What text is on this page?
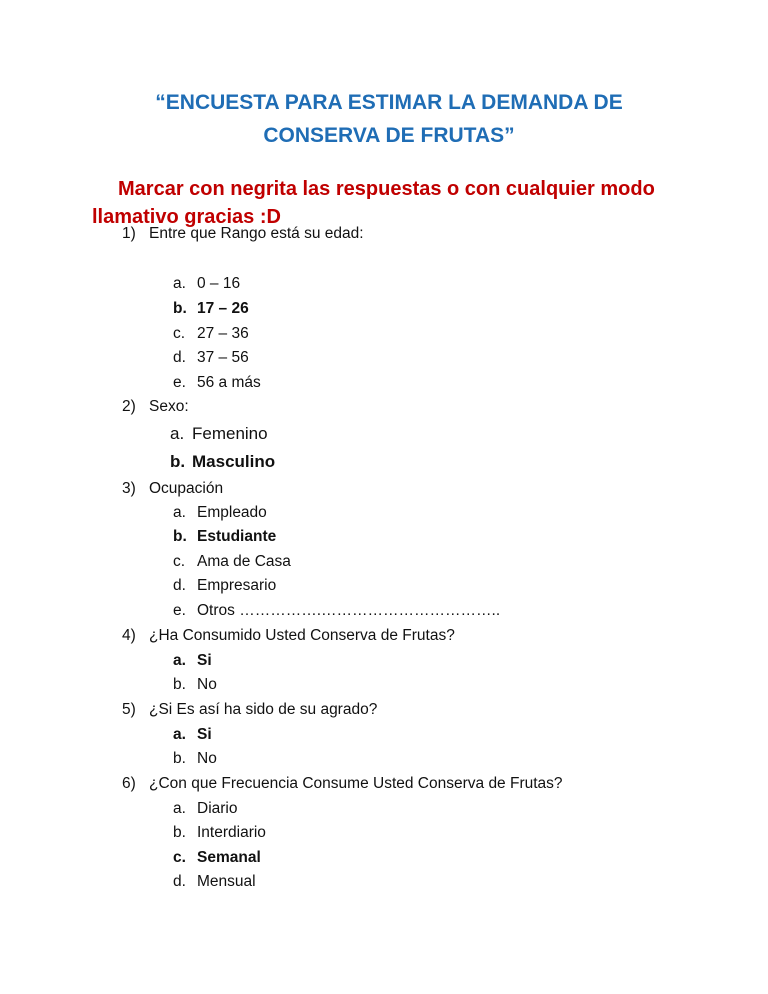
“ENCUESTA PARA ESTIMAR LA DEMANDA DE
CONSERVA DE FRUTAS”
Marcar con negrita las respuestas o con cualquier modo
llamativo gracias :D
1) Entre que Rango está su edad:
a. 0 – 16
b. 17 – 26
c. 27 – 36
d. 37 – 56
e. 56 a más
2) Sexo:
a. Femenino
b. Masculino
3) Ocupación
a. Empleado
b. Estudiante
c. Ama de Casa
d. Empresario
e. Otros …………….……………………………..
4) ¿Ha Consumido Usted Conserva de Frutas?
a. Si
b. No
5) ¿Si Es así ha sido de su agrado?
a. Si
b. No
6) ¿Con que Frecuencia Consume Usted Conserva de Frutas?
a. Diario
b. Interdiario
c. Semanal
d. Mensual
